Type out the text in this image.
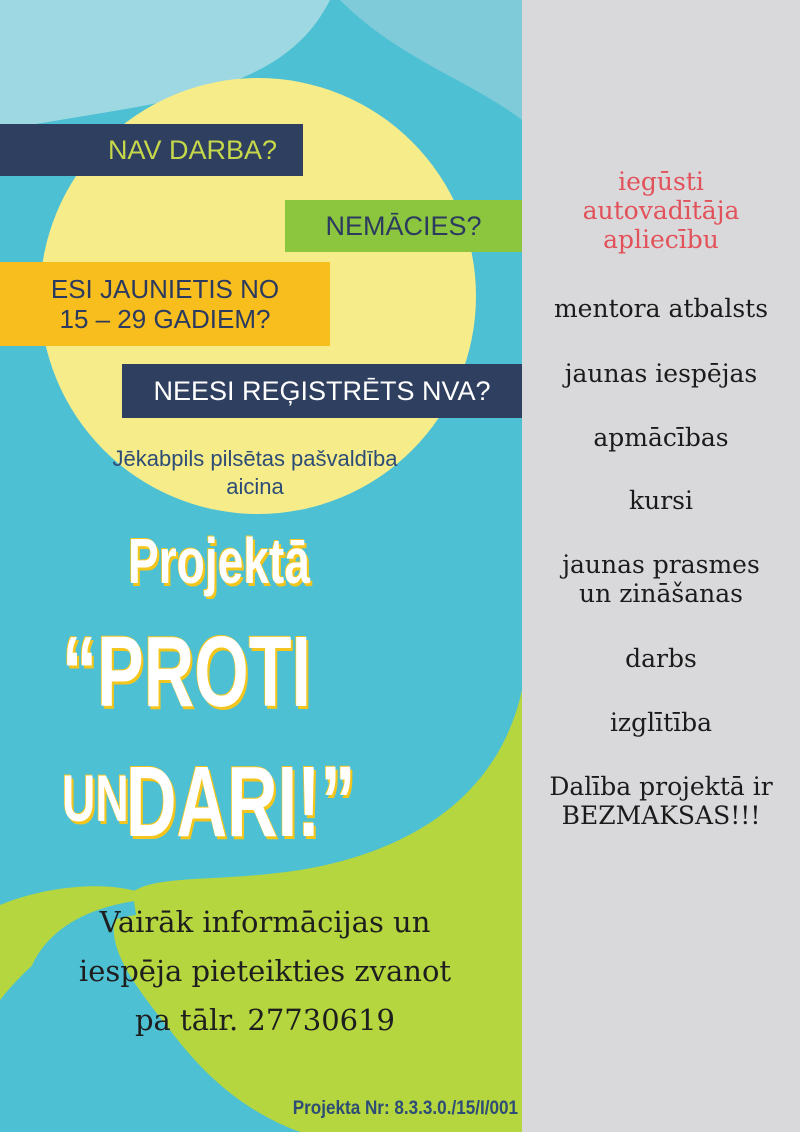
NAV DARBA?
NEMĀCIES?
ESI JAUNIETIS NO
15 – 29 GADIEM?
NEESI REĢISTRĒTS NVA?
Jēkabpils pilsētas pašvaldība
aicina
Projektā
“PROTI UN
DARI!”
Vairāk informācijas un
iespēja pieteikties zvanot
pa tālr. 27730619
Projekta Nr: 8.3.3.0./15/I/001
iegūsti
autovadītāja
apliecību
mentora atbalsts
jaunas iespējas
apmācības
kursi
jaunas prasmes
un zināšanas
darbs
izglītība
Dalība projektā ir
BEZMAKSAS!!!
